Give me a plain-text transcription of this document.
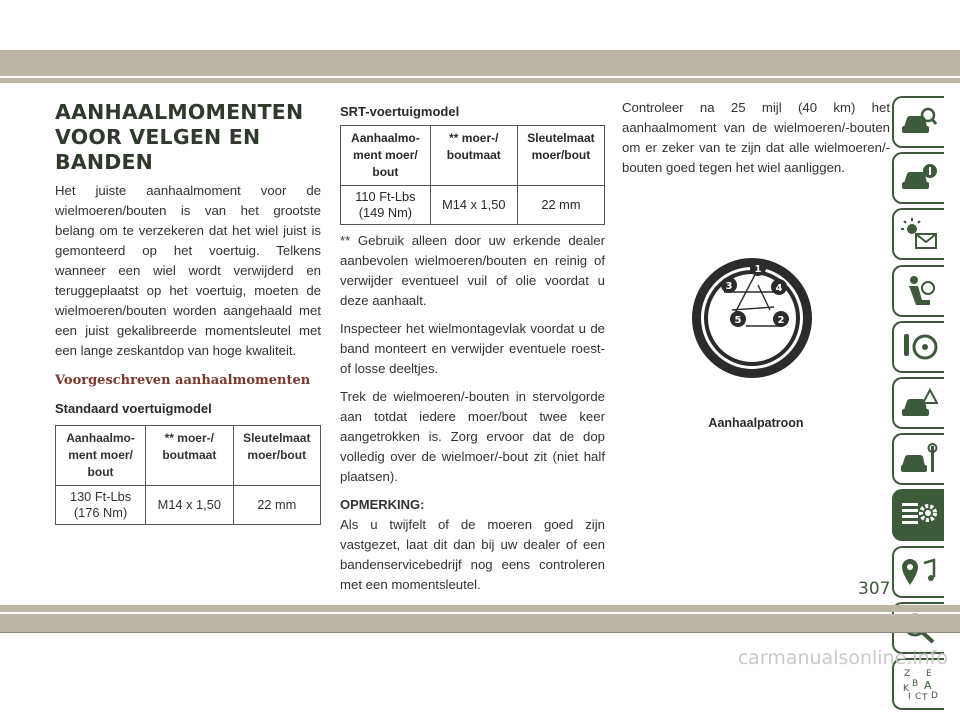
AANHAALMOMENTEN
VOOR VELGEN EN BANDEN

Het juiste aanhaalmoment voor de wielmoeren/bouten is van het grootste belang om te verzekeren dat het wiel juist is gemonteerd op het voertuig. Telkens wanneer een wiel wordt verwijderd en teruggeplaatst op het voertuig, moeten de wielmoeren/bouten worden aangehaald met een juist gekalibreerde momentsleutel met een lange zeskantdop van hoge kwaliteit.

Voorgeschreven aanhaalmomenten
Standaard voertuigmodel
Aanhaalmo-ment moer/ bout	** moer-/ boutmaat	Sleutelmaat moer/bout
130 Ft-Lbs (176 Nm)	M14 x 1,50	22 mm
SRT-voertuigmodel
Aanhaalmo-ment moer/ bout	** moer-/ boutmaat	Sleutelmaat moer/bout
110 Ft-Lbs (149 Nm)	M14 x 1,50	22 mm

** Gebruik alleen door uw erkende dealer aanbevolen wielmoeren/bouten en reinig of verwijder eventueel vuil of olie voordat u deze aanhaalt.

Inspecteer het wielmontagevlak voordat u de band monteert en verwijder eventuele roest- of losse deeltjes.

Trek de wielmoeren/-bouten in stervolgorde aan totdat iedere moer/bout twee keer aangetrokken is. Zorg ervoor dat de dop volledig over de wielmoer/-bout zit (niet half plaatsen).

OPMERKING:

Als u twijfelt of de moeren goed zijn vastgezet, laat dit dan bij uw dealer of een bandenservicebedrijf nog eens controleren met een momentsleutel.

Controleer na 25 mijl (40 km) het aanhaalmoment van de wielmoeren/-bouten om er zeker van te zijn dat alle wielmoeren/-bouten goed tegen het wiel aanliggen.

1
2
3	4
5
Aanhaalpatroon
Z E
B A
K
I C T D
307
carmanualsonline.info
